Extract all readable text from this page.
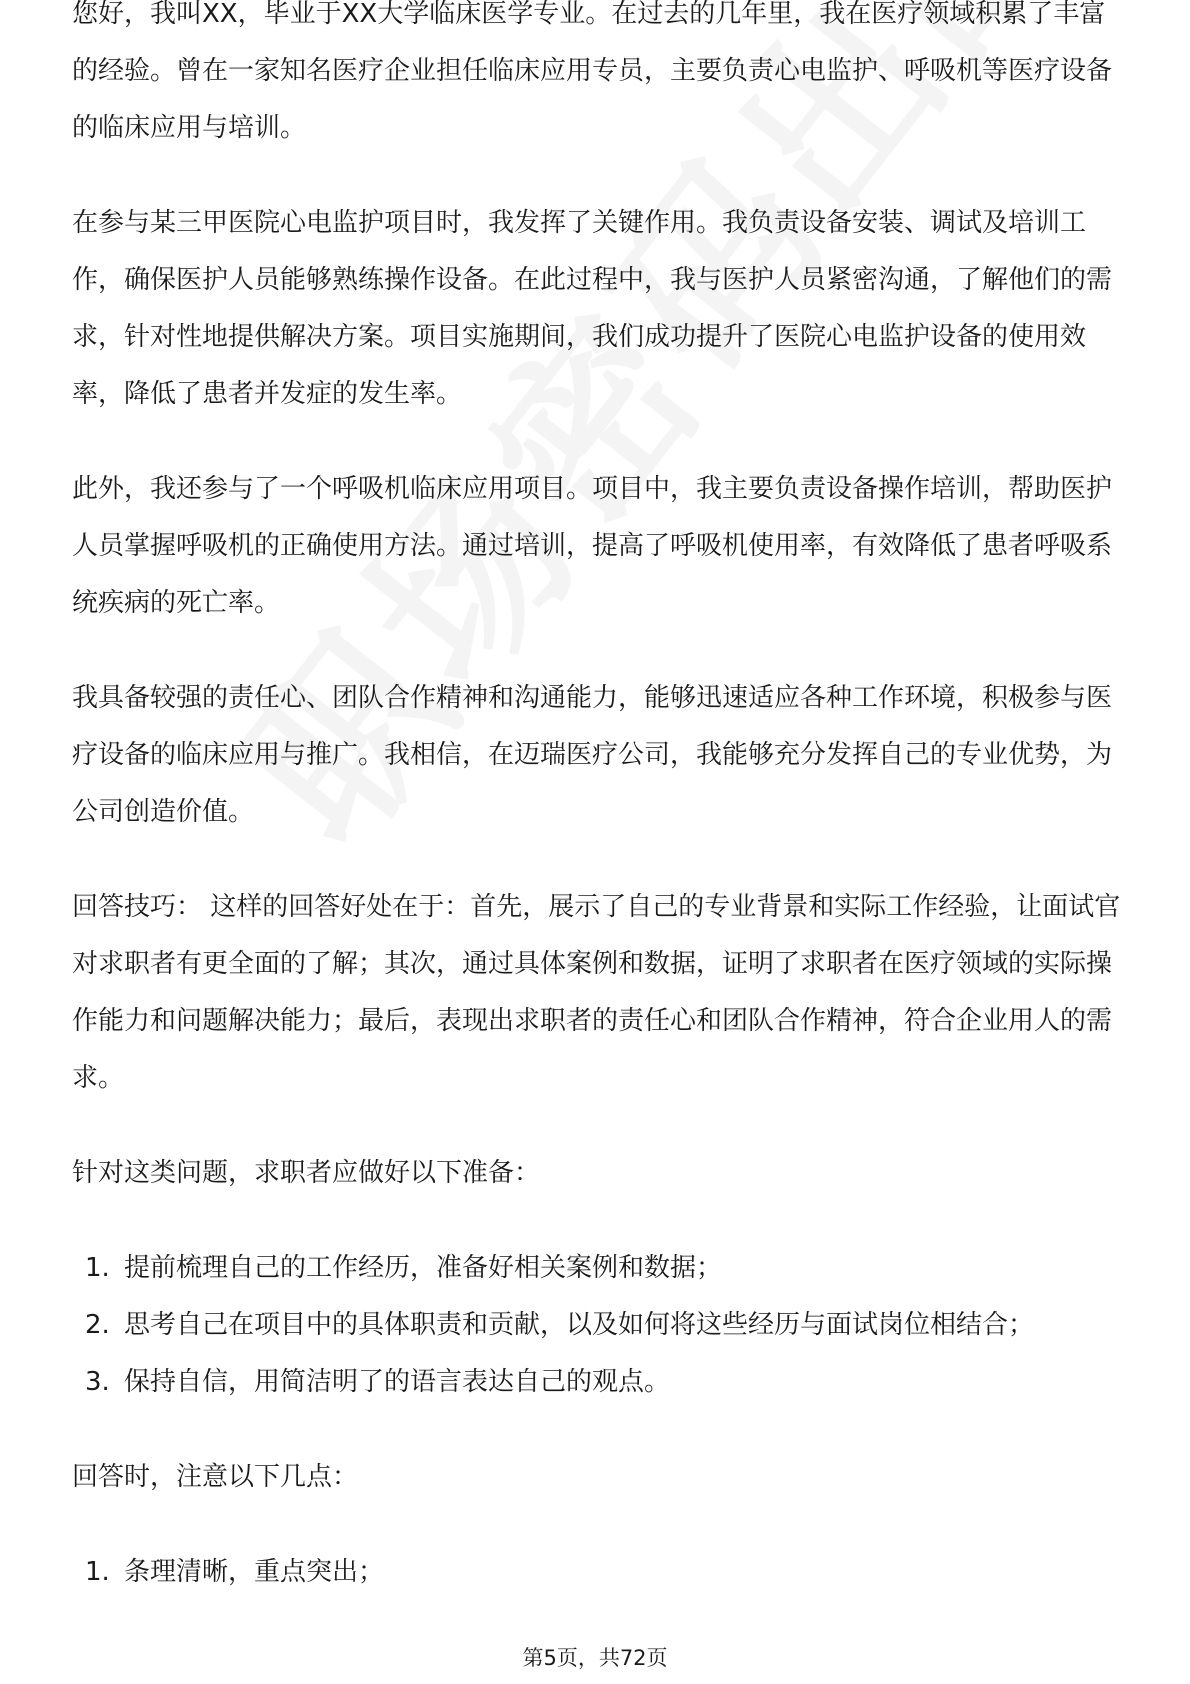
您好，我叫XX，毕业于XX大学临床医学专业。在过去的几年里，我在医疗领域积累了丰富的经验。曾在一家知名医疗企业担任临床应用专员，主要负责心电监护、呼吸机等医疗设备的临床应用与培训。

在参与某三甲医院心电监护项目时，我发挥了关键作用。我负责设备安装、调试及培训工作，确保医护人员能够熟练操作设备。在此过程中，我与医护人员紧密沟通，了解他们的需求，针对性地提供解决方案。项目实施期间，我们成功提升了医院心电监护设备的使用效率，降低了患者并发症的发生率。

此外，我还参与了一个呼吸机临床应用项目。项目中，我主要负责设备操作培训，帮助医护人员掌握呼吸机的正确使用方法。通过培训，提高了呼吸机使用率，有效降低了患者呼吸系统疾病的死亡率。

我具备较强的责任心、团队合作精神和沟通能力，能够迅速适应各种工作环境，积极参与医疗设备的临床应用与推广。我相信，在迈瑞医疗公司，我能够充分发挥自己的专业优势，为公司创造价值。

回答技巧： 这样的回答好处在于：首先，展示了自己的专业背景和实际工作经验，让面试官对求职者有更全面的了解；其次，通过具体案例和数据，证明了求职者在医疗领域的实际操作能力和问题解决能力；最后，表现出求职者的责任心和团队合作精神，符合企业用人的需求。

针对这类问题，求职者应做好以下准备：

1. 提前梳理自己的工作经历，准备好相关案例和数据；
2. 思考自己在项目中的具体职责和贡献，以及如何将这些经历与面试岗位相结合；
3. 保持自信，用简洁明了的语言表达自己的观点。

回答时，注意以下几点：

1. 条理清晰，重点突出；
第5页，共72页
